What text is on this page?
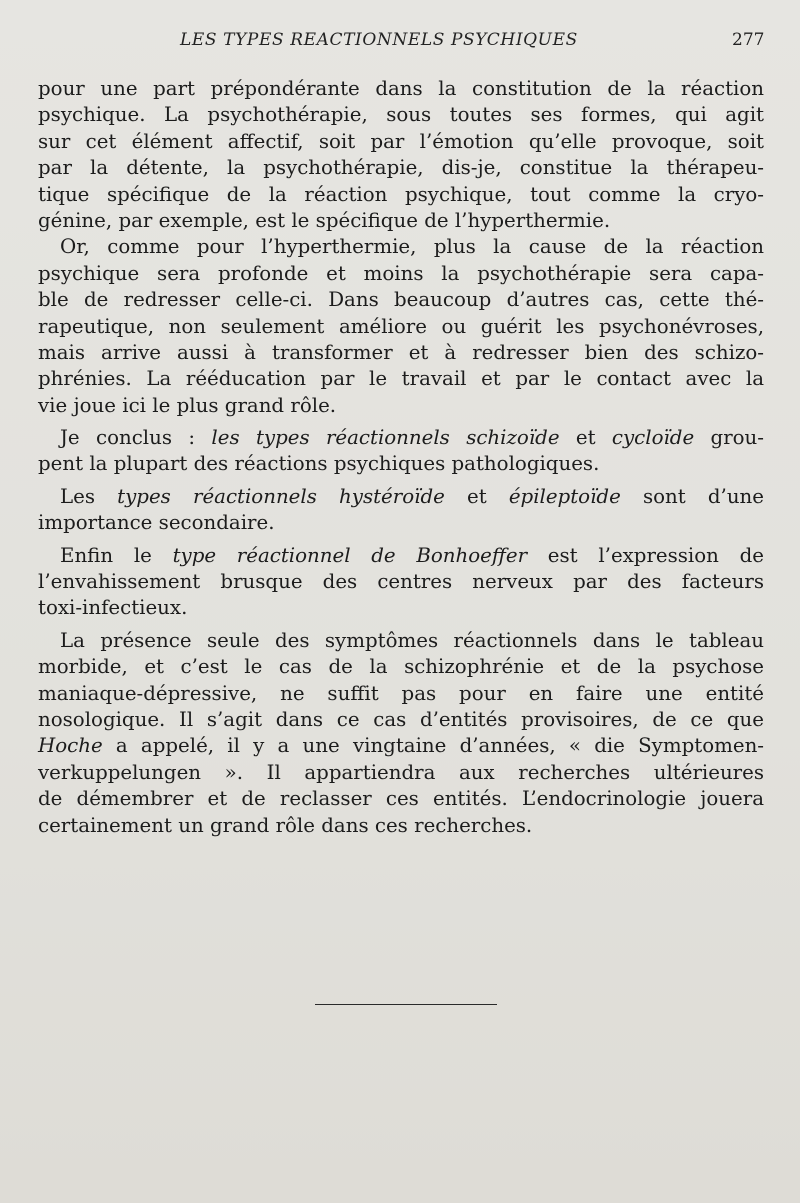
LES TYPES REACTIONNELS PSYCHIQUES	277
pour une part prépondérante dans la constitution de la réaction
psychique. La psychothérapie, sous toutes ses formes, qui agit
sur cet élément affectif, soit par l’émotion qu’elle provoque, soit
par la détente, la psychothérapie, dis-je, constitue la thérapeu-
tique spécifique de la réaction psychique, tout comme la cryo-
génine, par exemple, est le spécifique de l’hyperthermie.
Or, comme pour l’hyperthermie, plus la cause de la réaction
psychique sera profonde et moins la psychothérapie sera capa-
ble de redresser celle-ci. Dans beaucoup d’autres cas, cette thé-
rapeutique, non seulement améliore ou guérit les psychonévroses,
mais arrive aussi à transformer et à redresser bien des schizo-
phrénies. La rééducation par le travail et par le contact avec la
vie joue ici le plus grand rôle.
Je conclus : les types réactionnels schizoïde et cycloïde grou-
pent la plupart des réactions psychiques pathologiques.
Les types réactionnels hystéroïde et épileptoïde sont d’une
importance secondaire.
Enfin le type réactionnel de Bonhoeffer est l’expression de
l’envahissement brusque des centres nerveux par des facteurs
toxi-infectieux.
La présence seule des symptômes réactionnels dans le tableau
morbide, et c’est le cas de la schizophrénie et de la psychose
maniaque-dépressive, ne suffit pas pour en faire une entité
nosologique. Il s’agit dans ce cas d’entités provisoires, de ce que
Hoche a appelé, il y a une vingtaine d’années, « die Symptomen-
verkuppelungen ». Il appartiendra aux recherches ultérieures
de démembrer et de reclasser ces entités. L’endocrinologie jouera
certainement un grand rôle dans ces recherches.
